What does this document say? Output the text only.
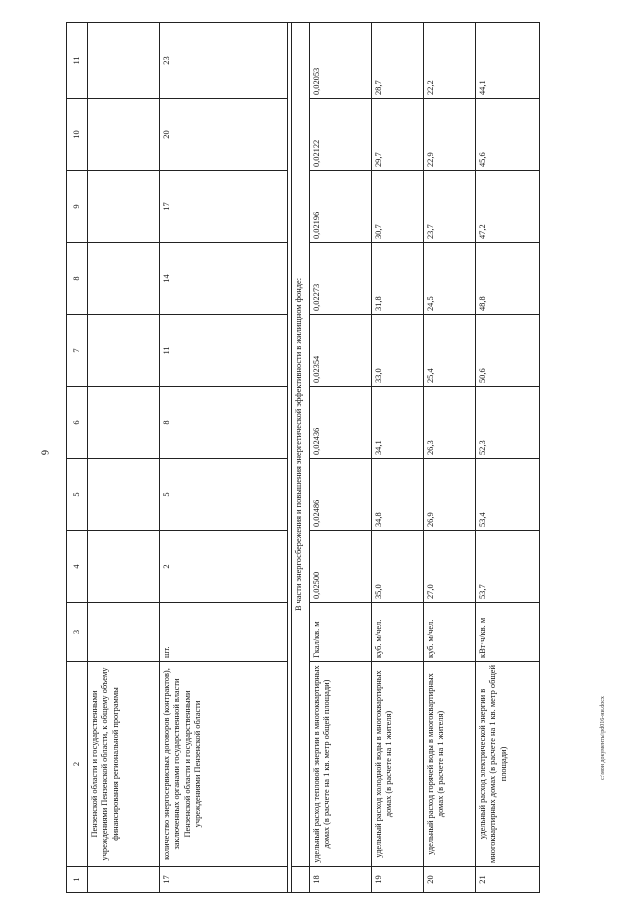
6
c:\мои документы\pd016-ни.docx
1	2	3	4	5	6	7	8	9	10	11
	Пензенской области и государственными учреждениями Пензенской области, к общему объему финансирования региональной программы									
17	количество энергосервисных договоров (контрактов), заключенных органами государственной власти Пензенской области и государственными учреждениями Пензенской области	шт.	2	5	8	11	14	17	20	23

	В части энергосбережения и повышения энергетической эффективности в жилищном фонде:									
18	удельный расход тепловой энергии в многоквартирных домах (в расчете на 1 кв. метр общей площади)	Гкал/кв. м	0,02500	0,02486	0,02436	0,02354	0,02273	0,02196	0,02122	0,02053
19	удельный расход холодной воды в многоквартирных домах (в расчете на 1 жителя)	куб. м/чел.	35,0	34,8	34,1	33,0	31,8	30,7	29,7	28,7
20	удельный расход горячей воды в многоквартирных домах (в расчете на 1 жителя)	куб. м/чел.	27,0	26,9	26,3	25,4	24,5	23,7	22,9	22,2
21	удельный расход электрической энергии в многоквартирных домах (в расчете на 1 кв. метр общей площади)	кВт·ч/кв. м	53,7	53,4	52,3	50,6	48,8	47,2	45,6	44,1
